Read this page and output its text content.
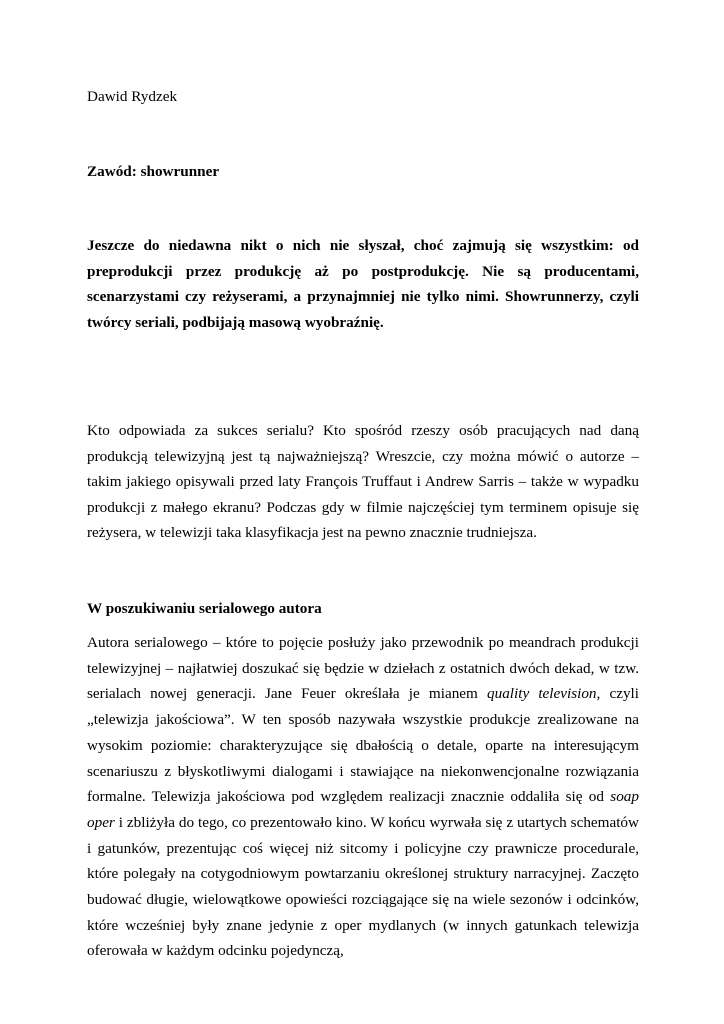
Dawid Rydzek

Zawód: showrunner

Jeszcze do niedawna nikt o nich nie słyszał, choć zajmują się wszystkim: od preprodukcji przez produkcję aż po postprodukcję. Nie są producentami, scenarzystami czy reżyserami, a przynajmniej nie tylko nimi. Showrunnerzy, czyli twórcy seriali, podbijają masową wyobraźnię.

Kto odpowiada za sukces serialu? Kto spośród rzeszy osób pracujących nad daną produkcją telewizyjną jest tą najważniejszą? Wreszcie, czy można mówić o autorze – takim jakiego opisywali przed laty François Truffaut i Andrew Sarris – także w wypadku produkcji z małego ekranu? Podczas gdy w filmie najczęściej tym terminem opisuje się reżysera, w telewizji taka klasyfikacja jest na pewno znacznie trudniejsza.

W poszukiwaniu serialowego autora

Autora serialowego – które to pojęcie posłuży jako przewodnik po meandrach produkcji telewizyjnej – najłatwiej doszukać się będzie w dziełach z ostatnich dwóch dekad, w tzw. serialach nowej generacji. Jane Feuer określała je mianem quality television, czyli „telewizja jakościowa”. W ten sposób nazywała wszystkie produkcje zrealizowane na wysokim poziomie: charakteryzujące się dbałością o detale, oparte na interesującym scenariuszu z błyskotliwymi dialogami i stawiające na niekonwencjonalne rozwiązania formalne. Telewizja jakościowa pod względem realizacji znacznie oddaliła się od soap oper i zbliżyła do tego, co prezentowało kino. W końcu wyrwała się z utartych schematów i gatunków, prezentując coś więcej niż sitcomy i policyjne czy prawnicze procedurale, które polegały na cotygodniowym powtarzaniu określonej struktury narracyjnej. Zaczęto budować długie, wielowątkowe opowieści rozciągające się na wiele sezonów i odcinków, które wcześniej były znane jedynie z oper mydlanych (w innych gatunkach telewizja oferowała w każdym odcinku pojedynczą,
